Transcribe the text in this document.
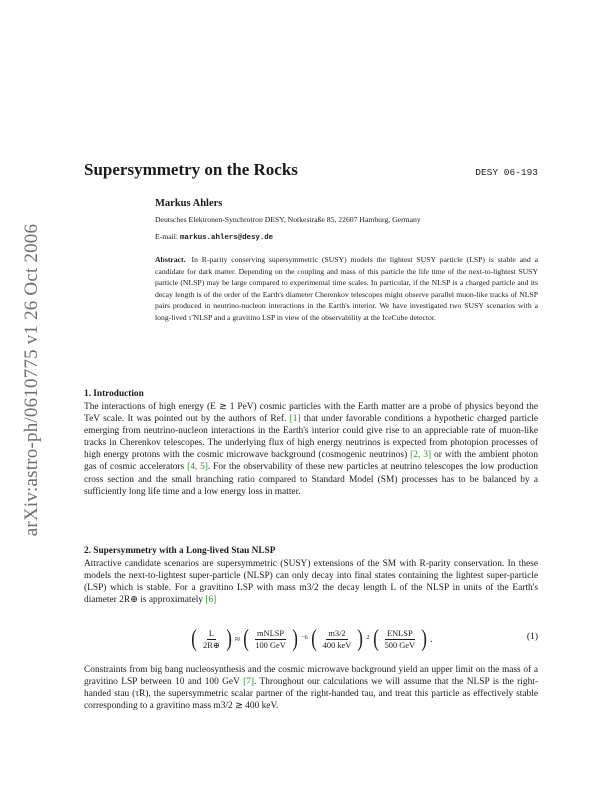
arXiv:astro-ph/0610775 v1 26 Oct 2006
Supersymmetry on the Rocks	DESY 06-193
Markus Ahlers
Deutsches Elektronen-Synchrotron DESY, Notkestraße 85, 22607 Hamburg, Germany
E-mail: markus.ahlers@desy.de
Abstract. In R-parity conserving supersymmetric (SUSY) models the lightest SUSY particle (LSP) is stable and a candidate for dark matter. Depending on the coupling and mass of this particle the life time of the next-to-lightest SUSY particle (NLSP) may be large compared to experimental time scales. In particular, if the NLSP is a charged particle and its decay length is of the order of the Earth's diameter Cherenkov telescopes might observe parallel muon-like tracks of NLSP pairs produced in neutrino-nucleon interactions in the Earth's interior. We have investigated two SUSY scenarios with a long-lived τ̃ NLSP and a gravitino LSP in view of the observability at the IceCube detector.
1. Introduction
The interactions of high energy (E ≳ 1 PeV) cosmic particles with the Earth matter are a probe of physics beyond the TeV scale. It was pointed out by the authors of Ref. [1] that under favorable conditions a hypothetic charged particle emerging from neutrino-nucleon interactions in the Earth's interior could give rise to an appreciable rate of muon-like tracks in Cherenkov telescopes. The underlying flux of high energy neutrinos is expected from photopion processes of high energy protons with the cosmic microwave background (cosmogenic neutrinos) [2, 3] or with the ambient photon gas of cosmic accelerators [4, 5]. For the observability of these new particles at neutrino telescopes the low production cross section and the small branching ratio compared to Standard Model (SM) processes has to be balanced by a sufficiently long life time and a low energy loss in matter.
2. Supersymmetry with a Long-lived Stau NLSP
Attractive candidate scenarios are supersymmetric (SUSY) extensions of the SM with R-parity conservation. In these models the next-to-lightest super-particle (NLSP) can only decay into final states containing the lightest super-particle (LSP) which is stable. For a gravitino LSP with mass m3/2 the decay length L of the NLSP in units of the Earth's diameter 2R⊕ is approximately [6]
( $\frac{L}{2R\oplus}$ ) ≈ ( $\frac{\text{mNLSP}}{\text{100 GeV}}$ ) −6 ( $\frac{m3/2}{\text{400 keV}}$ ) 2 ( $\frac{\text{ENLSP}}{\text{500 GeV}}$ ) .	(1)
Constraints from big bang nucleosynthesis and the cosmic microwave background yield an upper limit on the mass of a gravitino LSP between 10 and 100 GeV [7]. Throughout our calculations we will assume that the NLSP is the right-handed stau (τ̃R), the supersymmetric scalar partner of the right-handed tau, and treat this particle as effectively stable corresponding to a gravitino mass m3/2 ≳ 400 keV.
